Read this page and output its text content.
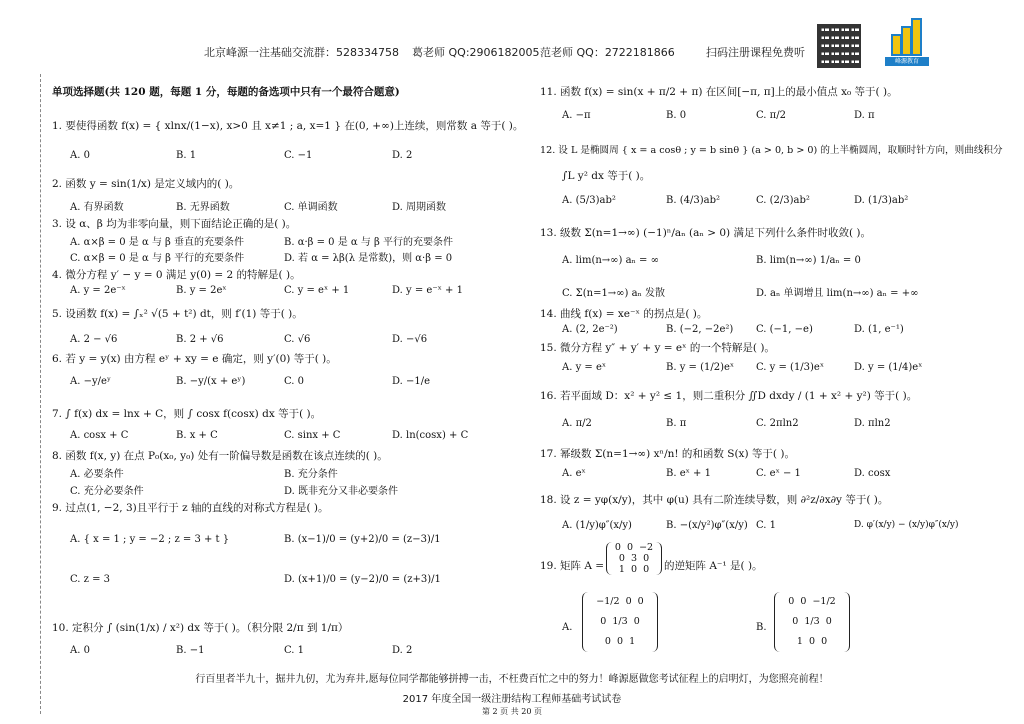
北京峰源一注基础交流群：528334758 葛老师 QQ:2906182005 范老师 QQ：2722181866	扫码注册课程免费听
峰源教育
单项选择题(共 120 题，每题 1 分，每题的备选项中只有一个最符合题意)
1. 要使得函数 f(x) = { xlnx/(1−x), x>0 且 x≠1 ; a, x=1 } 在(0, +∞)上连续，则常数 a 等于( )。
A. 0	B. 1	C. −1	D. 2
2. 函数 y = sin(1/x) 是定义域内的( )。
A. 有界函数	B. 无界函数	C. 单调函数	D. 周期函数
3. 设 α、β 均为非零向量，则下面结论正确的是( )。
A. α×β = 0 是 α 与 β 垂直的充要条件	B. α·β = 0 是 α 与 β 平行的充要条件
C. α×β = 0 是 α 与 β 平行的充要条件	D. 若 α = λβ(λ 是常数)，则 α·β = 0
4. 微分方程 y′ − y = 0 满足 y(0) = 2 的特解是( )。
A. y = 2e⁻ˣ	B. y = 2eˣ	C. y = eˣ + 1	D. y = e⁻ˣ + 1
5. 设函数 f(x) = ∫ₓ² √(5 + t²) dt，则 f′(1) 等于( )。
A. 2 − √6	B. 2 + √6	C. √6	D. −√6
6. 若 y = y(x) 由方程 eʸ + xy = e 确定，则 y′(0) 等于( )。
A. −y/eʸ	B. −y/(x + eʸ)	C. 0	D. −1/e
7. ∫ f(x) dx = lnx + C，则 ∫ cosx f(cosx) dx 等于( )。
A. cosx + C	B. x + C	C. sinx + C	D. ln(cosx) + C
8. 函数 f(x, y) 在点 P₀(x₀, y₀) 处有一阶偏导数是函数在该点连续的( )。
A. 必要条件	B. 充分条件
C. 充分必要条件	D. 既非充分又非必要条件
9. 过点(1, −2, 3)且平行于 z 轴的直线的对称式方程是( )。
A. { x = 1 ; y = −2 ; z = 3 + t }	B. (x−1)/0 = (y+2)/0 = (z−3)/1
C. z = 3	D. (x+1)/0 = (y−2)/0 = (z+3)/1
10. 定积分 ∫ (sin(1/x) / x²) dx 等于( )。（积分限 2/π 到 1/π）
A. 0	B. −1	C. 1	D. 2
11. 函数 f(x) = sin(x + π/2 + π) 在区间[−π, π]上的最小值点 x₀ 等于( )。
A. −π	B. 0	C. π/2	D. π
12. 设 L 是椭圆周 { x = a cosθ ; y = b sinθ } (a > 0, b > 0) 的上半椭圆周，取顺时针方向，则曲线积分
∫L y² dx 等于( )。
A. (5/3)ab²	B. (4/3)ab²	C. (2/3)ab²	D. (1/3)ab²
13. 级数 Σ(n=1→∞) (−1)ⁿ/aₙ (aₙ > 0) 满足下列什么条件时收敛( )。
A. lim(n→∞) aₙ = ∞	B. lim(n→∞) 1/aₙ = 0
C. Σ(n=1→∞) aₙ 发散	D. aₙ 单调增且 lim(n→∞) aₙ = +∞
14. 曲线 f(x) = xe⁻ˣ 的拐点是( )。
A. (2, 2e⁻²)	B. (−2, −2e²) C. (−1, −e)	D. (1, e⁻¹)
15. 微分方程 y″ + y′ + y = eˣ 的一个特解是( )。
A. y = eˣ	B. y = (1/2)eˣ C. y = (1/3)eˣ	D. y = (1/4)eˣ
16. 若平面域 D：x² + y² ≤ 1，则二重积分 ∬D dxdy / (1 + x² + y²) 等于( )。
A. π/2	B. π	C. 2πln2	D. πln2
17. 幂级数 Σ(n=1→∞) xⁿ/n! 的和函数 S(x) 等于( )。
A. eˣ	B. eˣ + 1	C. eˣ − 1	D. cosx
18. 设 z = yφ(x/y)，其中 φ(u) 具有二阶连续导数，则 ∂²z/∂x∂y 等于( )。
A. (1/y)φ″(x/y)	B. −(x/y²)φ″(x/y) C. 1	D. φ′(x/y) − (x/y)φ″(x/y)
19. 矩阵 A =
0 0 −2
0 3 0
1 0 0	的逆矩阵 A⁻¹ 是( )。
A.
−1/2 0 0
0 1/3 0
0 0 1
B.
0 0 −1/2
0 1/3 0
1 0 0
行百里者半九十，掘井九仞，尤为弃井,愿每位同学都能够拼搏一击，不枉费百忙之中的努力！峰源愿做您考试征程上的启明灯，为您照亮前程！
2017 年度全国一级注册结构工程师基础考试试卷
第 2 页 共 20 页
